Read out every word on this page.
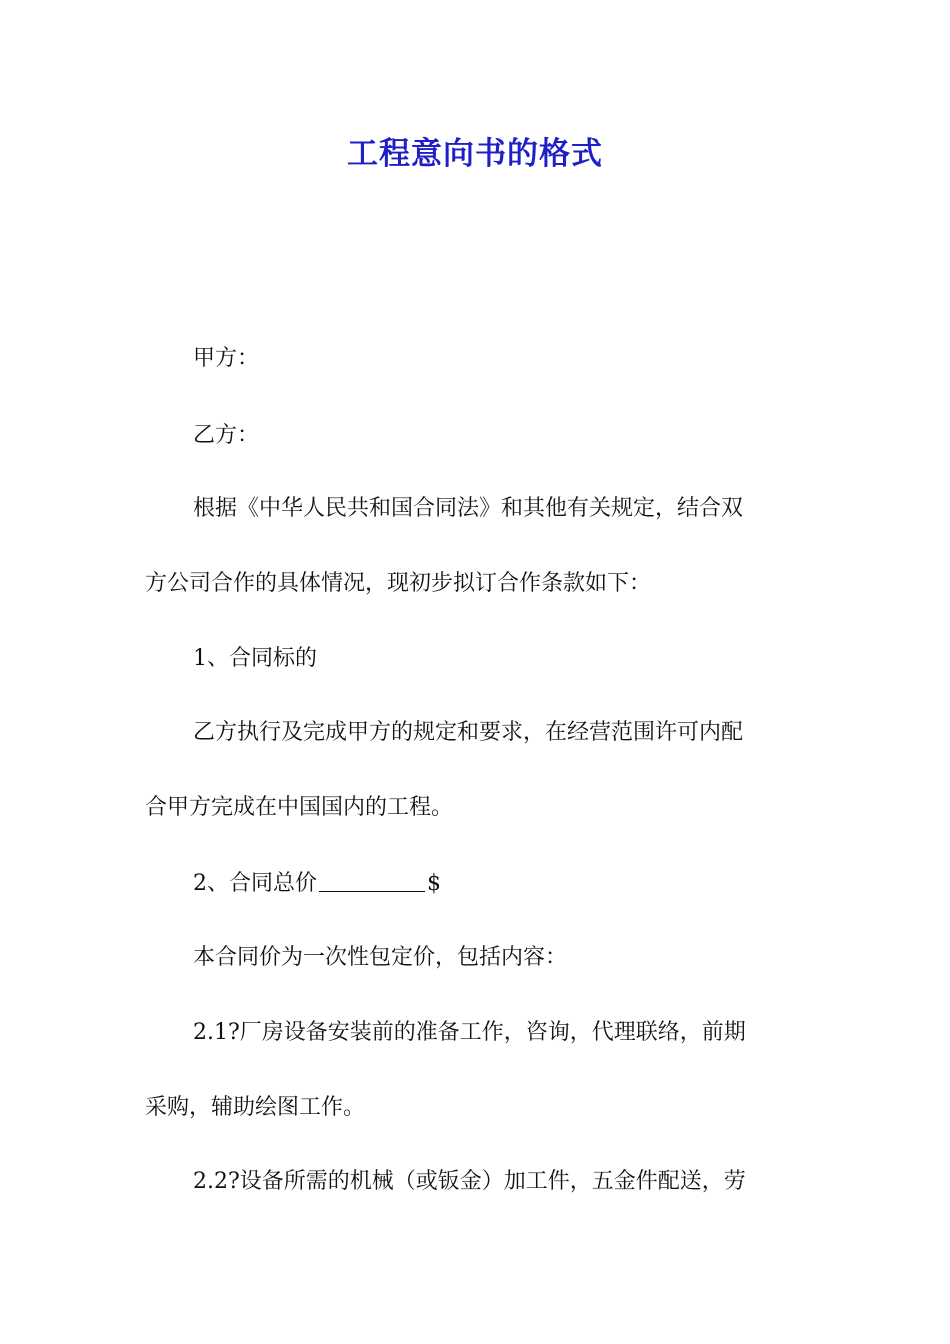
工程意向书的格式
甲方：
乙方：
根据《中华人民共和国合同法》和其他有关规定，结合双
方公司合作的具体情况，现初步拟订合作条款如下：
1、合同标的
乙方执行及完成甲方的规定和要求，在经营范围许可内配
合甲方完成在中国国内的工程。
2、合同总价	$
本合同价为一次性包定价，包括内容：
2.1?厂房设备安装前的准备工作，咨询，代理联络，前期
采购，辅助绘图工作。
2.2?设备所需的机械（或钣金）加工件，五金件配送，劳
